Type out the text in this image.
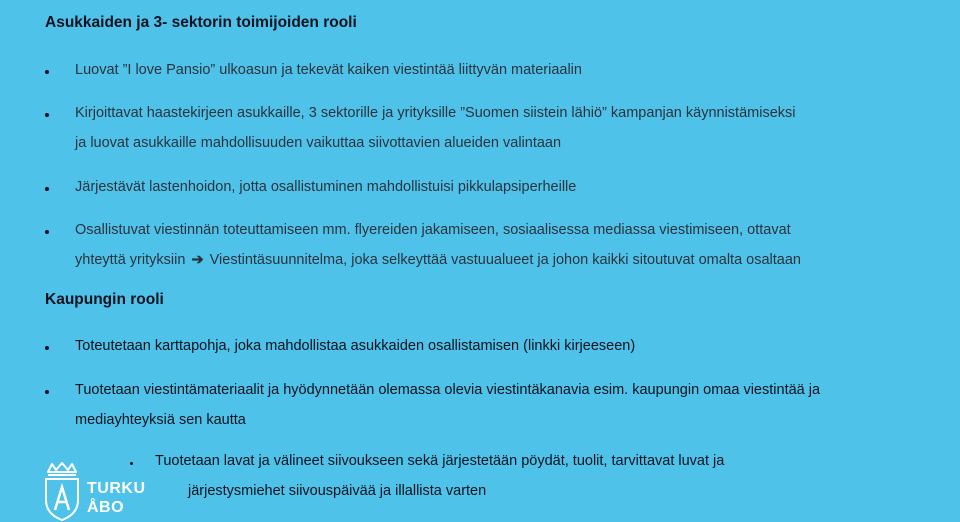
Asukkaiden ja 3- sektorin toimijoiden rooli
Luovat ”I love Pansio” ulkoasun ja tekevät kaiken viestintää liittyvän materiaalin
Kirjoittavat haastekirjeen asukkaille, 3 sektorille ja yrityksille ”Suomen siistein lähiö” kampanjan käynnistämiseksi
ja luovat asukkaille mahdollisuuden vaikuttaa siivottavien alueiden valintaan
Järjestävät lastenhoidon, jotta osallistuminen mahdollistuisi pikkulapsiperheille
Osallistuvat viestinnän toteuttamiseen mm. flyereiden jakamiseen, sosiaalisessa mediassa viestimiseen, ottavat
yhteyttä yrityksiin ➔ Viestintäsuunnitelma, joka selkeyttää vastuualueet ja johon kaikki sitoutuvat omalta osaltaan
Kaupungin rooli
Toteutetaan karttapohja, joka mahdollistaa asukkaiden osallistamisen (linkki kirjeeseen)
Tuotetaan viestintämateriaalit ja hyödynnetään olemassa olevia viestintäkanavia esim. kaupungin omaa viestintää ja
mediayhteyksiä sen kautta
Tuotetaan lavat ja välineet siivoukseen sekä järjestetään pöydät, tuolit, tarvittavat luvat ja
järjestysmiehet siivouspäivää ja illallista varten
TURKU
ÅBO
